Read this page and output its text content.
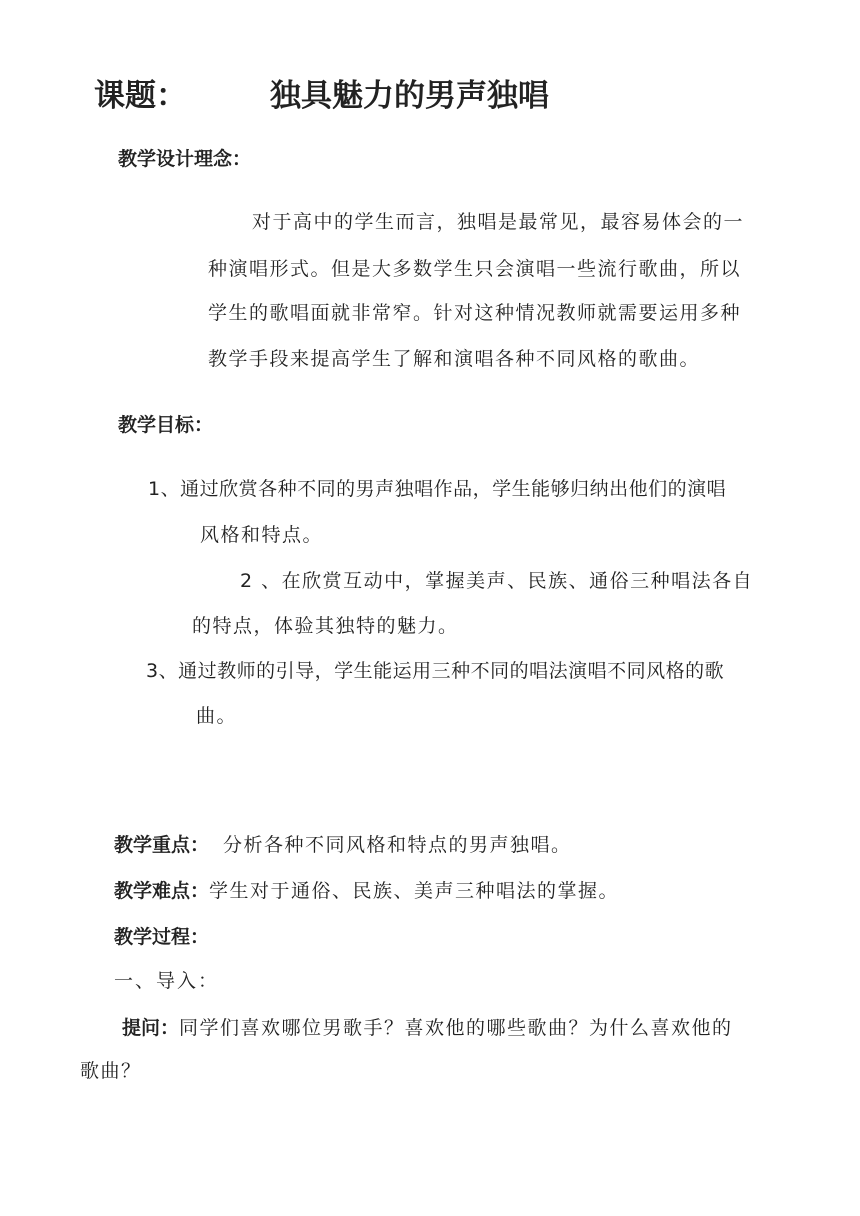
课题：	独具魅力的男声独唱
教学设计理念：
对于高中的学生而言，独唱是最常见，最容易体会的一
种演唱形式。但是大多数学生只会演唱一些流行歌曲，所以
学生的歌唱面就非常窄。针对这种情况教师就需要运用多种
教学手段来提高学生了解和演唱各种不同风格的歌曲。
教学目标：
1、通过欣赏各种不同的男声独唱作品，学生能够归纳出他们的演唱
风格和特点。
2 、在欣赏互动中，掌握美声、民族、通俗三种唱法各自
的特点，体验其独特的魅力。
3、通过教师的引导，学生能运用三种不同的唱法演唱不同风格的歌
曲。
教学重点： 分析各种不同风格和特点的男声独唱。
教学难点： 学生对于通俗、民族、美声三种唱法的掌握。
教学过程：
一、导入：
提问： 同学们喜欢哪位男歌手？喜欢他的哪些歌曲？为什么喜欢他的
歌曲？
